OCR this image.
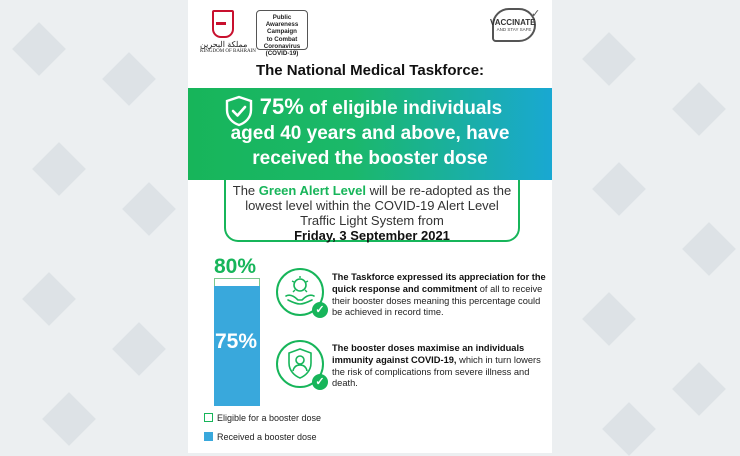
مملكة البحرين
KINGDOM OF BAHRAIN
Public Awareness
Campaign
to Combat
Coronavirus
(COVID-19)
VACCINATE
AND STAY SAFE
✓
The National Medical Taskforce:
75% of eligible individuals
aged 40 years and above, have
received the booster dose
The Green Alert Level will be re-adopted as the lowest level within the COVID-19 Alert Level Traffic Light System from
Friday, 3 September 2021
80%
75%
✓
The Taskforce expressed its appreciation for the quick response and commitment of all to receive their booster doses meaning this percentage could be achieved in record time.
✓
The booster doses maximise an individuals immunity against COVID-19, which in turn lowers the risk of complications from severe illness and death.
Eligible for a booster dose
Received a booster dose
